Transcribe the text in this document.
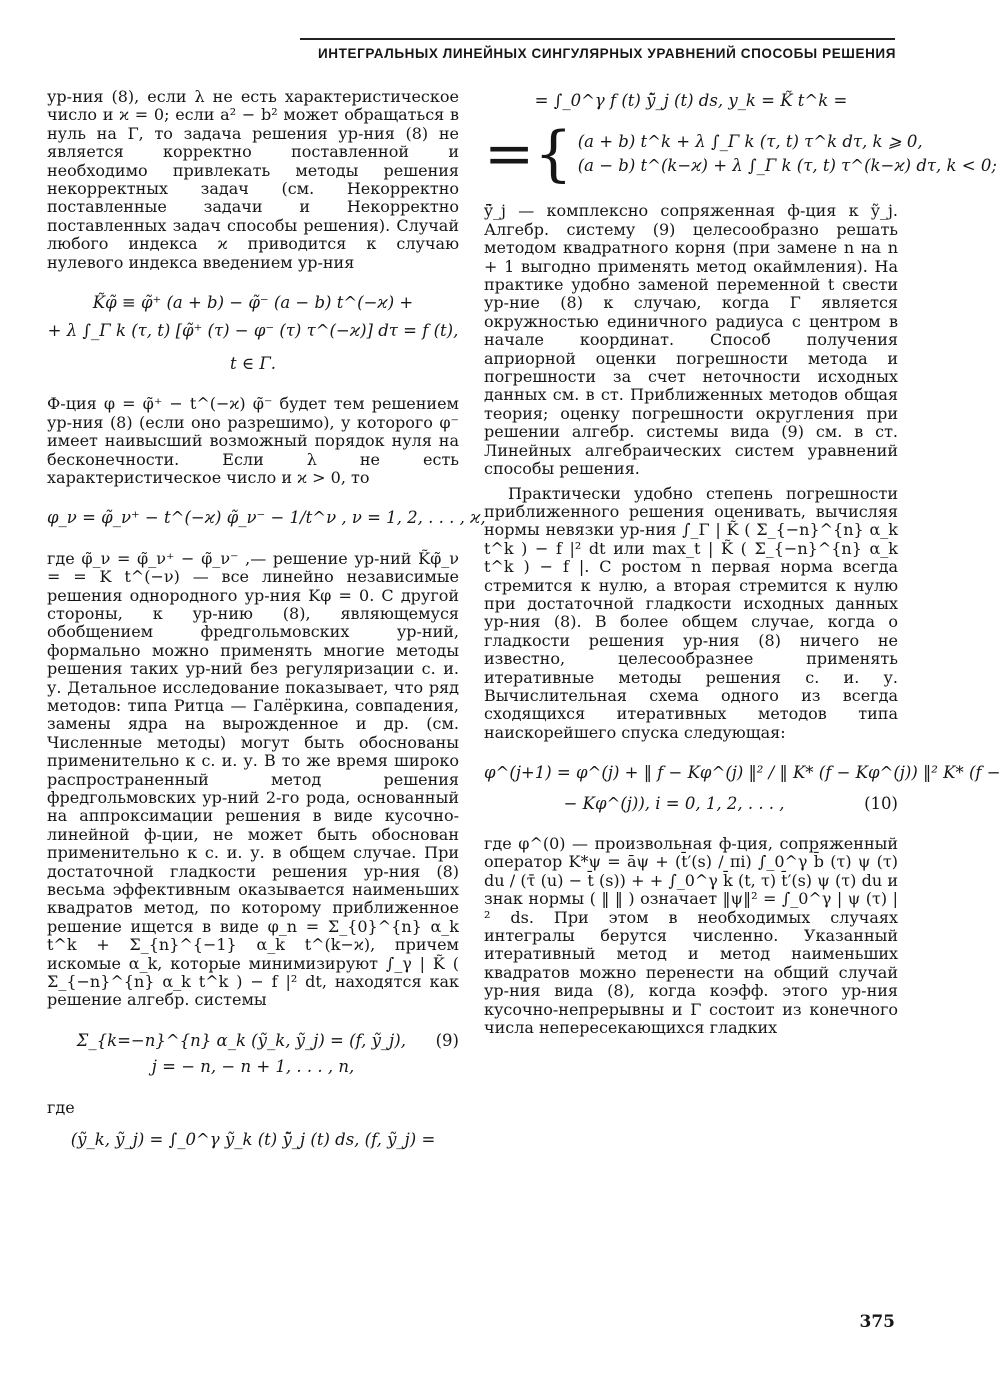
ИНТЕГРАЛЬНЫХ ЛИНЕЙНЫХ СИНГУЛЯРНЫХ УРАВНЕНИЙ СПОСОБЫ РЕШЕНИЯ

ур-ния (8), если λ не есть характеристическое число и ϰ = 0; если a² − b² может обращаться в нуль на Γ, то задача решения ур-ния (8) не является корректно поставленной и необходимо привлекать методы решения некорректных задач (см. Некорректно поставленные задачи и Некорректно поставленных задач способы решения). Случай любого индекса ϰ приводится к случаю нулевого индекса введением ур-ния

K̃φ̃ ≡ φ̃⁺ (a + b) − φ̃⁻ (a − b) t^(−ϰ) +
+ λ ∫_Γ k (τ, t) [φ̃⁺ (τ) − φ⁻ (τ) τ^(−ϰ)] dτ = f (t),
t ∈ Γ.

Ф-ция φ = φ̃⁺ − t^(−ϰ) φ̃⁻ будет тем решением ур-ния (8) (если оно разрешимо), у которого φ⁻ имеет наивысший возможный порядок нуля на бесконечности. Если λ не есть характеристическое число и ϰ > 0, то

φ_ν = φ̃_ν⁺ − t^(−ϰ) φ̃_ν⁻ − 1/t^ν , ν = 1, 2, . . . , ϰ,

где φ̃_ν = φ̃_ν⁺ − φ̃_ν⁻ ,— решение ур-ний K̃φ̃_ν = = K t^(−ν) — все линейно независимые решения однородного ур-ния Kφ = 0. С другой стороны, к ур-нию (8), являющемуся обобщением фредгольмовских ур-ний, формально можно применять многие методы решения таких ур-ний без регуляризации с. и. у. Детальное исследование показывает, что ряд методов: типа Ритца — Галёркина, совпадения, замены ядра на вырожденное и др. (см. Численные методы) могут быть обоснованы применительно к с. и. у. В то же время широко распространенный метод решения фредгольмовских ур-ний 2-го рода, основанный на аппроксимации решения в виде кусочно-линейной ф-ции, не может быть обоснован применительно к с. и. у. в общем случае. При достаточной гладкости решения ур-ния (8) весьма эффективным оказывается наименьших квадратов метод, по которому приближенное решение ищется в виде φ_n = Σ_{0}^{n} α_k t^k + Σ_{n}^{−1} α_k t^(k−ϰ), причем искомые α_k, которые минимизируют ∫_γ | K̃ ( Σ_{−n}^{n} α_k t^k ) − f |² dt, находятся как решение алгебр. системы

Σ_{k=−n}^{n} α_k (ỹ_k, ỹ_j) = (f, ỹ_j), (9)
j = − n, − n + 1, . . . , n,

где

(ỹ_k, ỹ_j) = ∫_0^γ ỹ_k (t) ȳ̃_j (t) ds, (f, ỹ_j) =
= ∫_0^γ f (t) ȳ̃_j (t) ds, y_k = K̃ t^k =
={ (a + b) t^k + λ ∫_Γ k (τ, t) τ^k dτ, k ⩾ 0,
(a − b) t^(k−ϰ) + λ ∫_Γ k (τ, t) τ^(k−ϰ) dτ, k < 0;

ȳ̃_j — комплексно сопряженная ф-ция к ỹ_j. Алгебр. систему (9) целесообразно решать методом квадратного корня (при замене n на n + 1 выгодно применять метод окаймления). На практике удобно заменой переменной t свести ур-ние (8) к случаю, когда Γ является окружностью единичного радиуса с центром в начале координат. Способ получения априорной оценки погрешности метода и погрешности за счет неточности исходных данных см. в ст. Приближенных методов общая теория; оценку погрешности округления при решении алгебр. системы вида (9) см. в ст. Линейных алгебраических систем уравнений способы решения.

Практически удобно степень погрешности приближенного решения оценивать, вычисляя нормы невязки ур-ния ∫_Γ | K̃ ( Σ_{−n}^{n} α_k t^k ) − f |² dt или max_t | K̃ ( Σ_{−n}^{n} α_k t^k ) − f |. С ростом n первая норма всегда стремится к нулю, а вторая стремится к нулю при достаточной гладкости исходных данных ур-ния (8). В более общем случае, когда о гладкости решения ур-ния (8) ничего не известно, целесообразнее применять итеративные методы решения с. и. у. Вычислительная схема одного из всегда сходящихся итеративных методов типа наискорейшего спуска следующая:

φ^(j+1) = φ^(j) + ‖ f − Kφ^(j) ‖² / ‖ K* (f − Kφ^(j)) ‖² K* (f −
− Kφ^(j)), i = 0, 1, 2, . . . ,	(10)

где φ^(0) — произвольная ф-ция, сопряженный оператор K*ψ = āψ + (t̄′(s) / πi) ∫_0^γ b̄ (τ) ψ (τ) du / (τ̄ (u) − t̄ (s)) + + ∫_0^γ k̄ (t, τ) t̄′(s) ψ (τ) du и знак нормы ( ‖ ‖ ) означает ‖ψ‖² = ∫_0^γ | ψ (τ) |² ds. При этом в необходимых случаях интегралы берутся численно. Указанный итеративный метод и метод наименьших квадратов можно перенести на общий случай ур-ния вида (8), когда коэфф. этого ур-ния кусочно-непрерывны и Γ состоит из конечного числа непересекающихся гладких

375
